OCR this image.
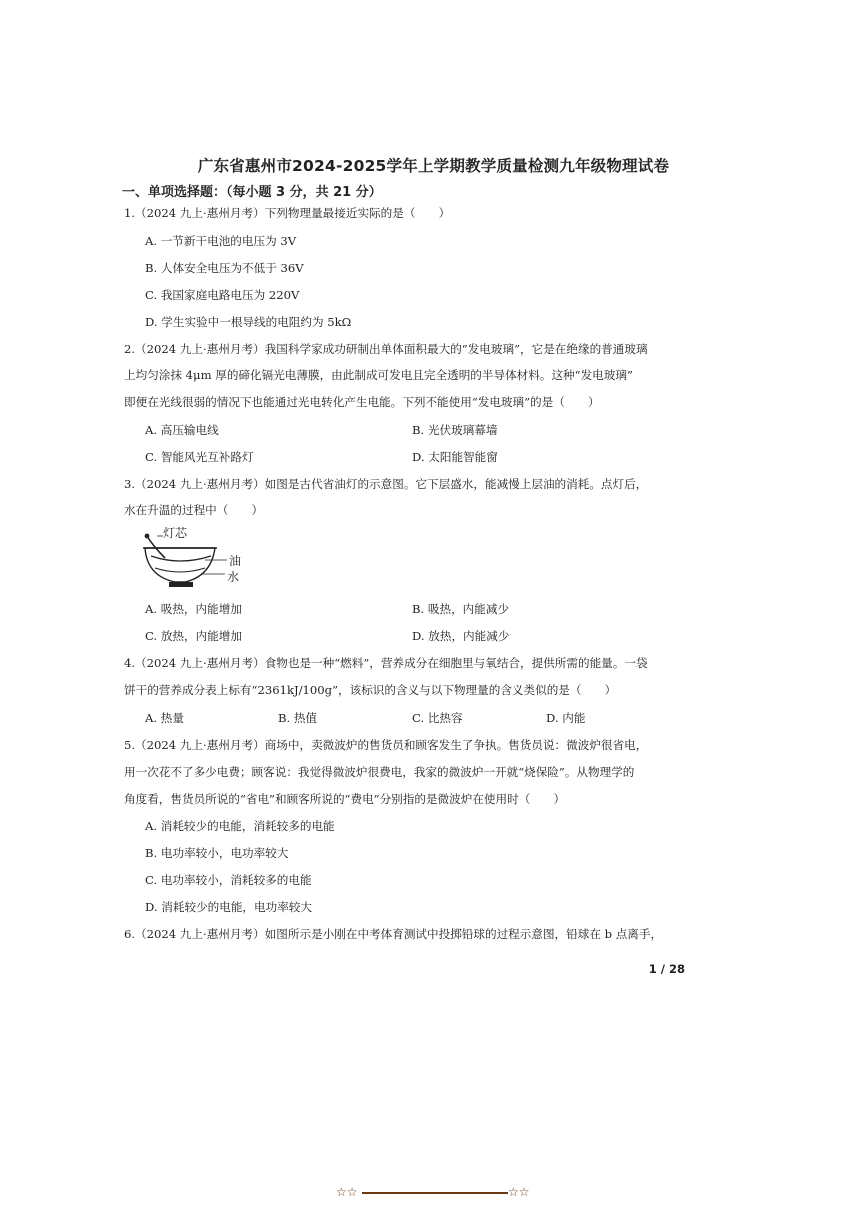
广东省惠州市2024-2025学年上学期教学质量检测九年级物理试卷
一、单项选择题：（每小题 3 分，共 21 分）
1.（2024 九上·惠州月考）下列物理量最接近实际的是（　　）
A. 一节新干电池的电压为 3V
B. 人体安全电压为不低于 36V
C. 我国家庭电路电压为 220V
D. 学生实验中一根导线的电阻约为 5kΩ
2.（2024 九上·惠州月考）我国科学家成功研制出单体面积最大的“发电玻璃”，它是在绝缘的普通玻璃
上均匀涂抹 4μm 厚的碲化镉光电薄膜，由此制成可发电且完全透明的半导体材料。这种“发电玻璃”
即便在光线很弱的情况下也能通过光电转化产生电能。下列不能使用“发电玻璃”的是（　　）
A. 高压输电线	B. 光伏玻璃幕墙
C. 智能风光互补路灯	D. 太阳能智能窗
3.（2024 九上·惠州月考）如图是古代省油灯的示意图。它下层盛水，能减慢上层油的消耗。点灯后，
水在升温的过程中（　　）
灯芯
油
水
A. 吸热，内能增加	B. 吸热，内能减少
C. 放热，内能增加	D. 放热，内能减少
4.（2024 九上·惠州月考）食物也是一种“燃料”，营养成分在细胞里与氧结合，提供所需的能量。一袋
饼干的营养成分表上标有“2361kJ/100g”，该标识的含义与以下物理量的含义类似的是（　　）
A. 热量	B. 热值	C. 比热容	D. 内能
5.（2024 九上·惠州月考）商场中，卖微波炉的售货员和顾客发生了争执。售货员说：微波炉很省电，
用一次花不了多少电费；顾客说：我觉得微波炉很费电，我家的微波炉一开就“烧保险”。从物理学的
角度看，售货员所说的“省电”和顾客所说的“费电”分别指的是微波炉在使用时（　　）
A. 消耗较少的电能，消耗较多的电能
B. 电功率较小，电功率较大
C. 电功率较小，消耗较多的电能
D. 消耗较少的电能，电功率较大
6.（2024 九上·惠州月考）如图所示是小刚在中考体育测试中投掷铅球的过程示意图，铅球在 b 点离手，
1 / 28
☆☆	☆☆
